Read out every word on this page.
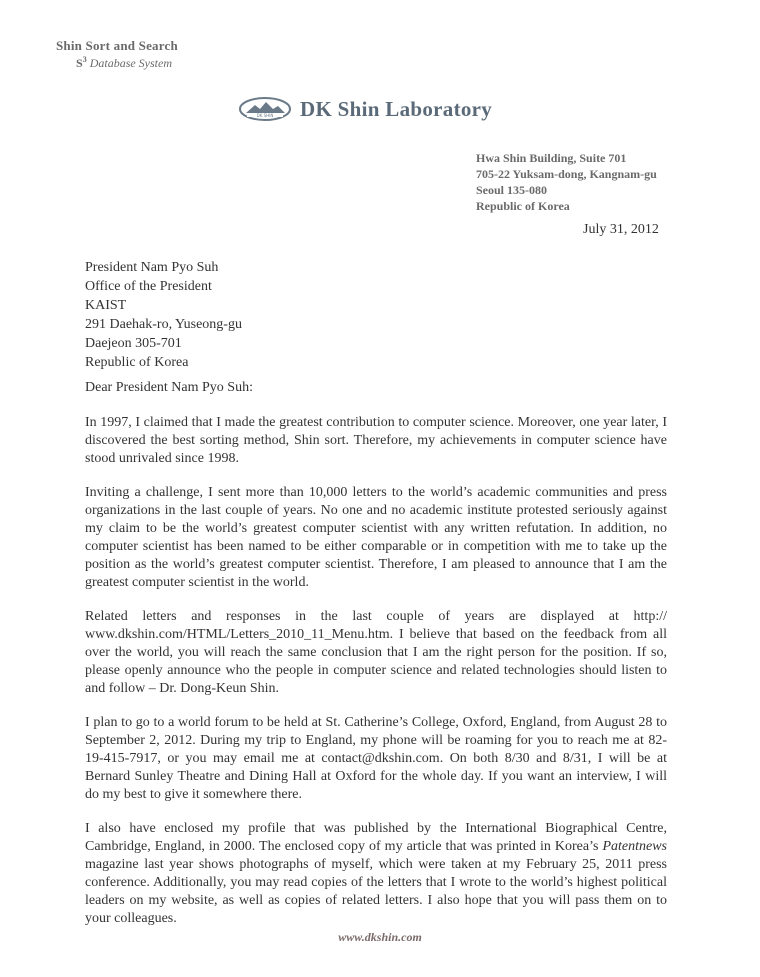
Shin Sort and Search
$S^3$ Database System
DK SHIN DK Shin Laboratory
Hwa Shin Building, Suite 701
705-22 Yuksam-dong, Kangnam-gu
Seoul 135-080
Republic of Korea
July 31, 2012
President Nam Pyo Suh
Office of the President
KAIST
291 Daehak-ro, Yuseong-gu
Daejeon 305-701
Republic of Korea
Dear President Nam Pyo Suh:

In 1997, I claimed that I made the greatest contribution to computer science. Moreover, one year later, I discovered the best sorting method, Shin sort. Therefore, my achievements in computer science have stood unrivaled since 1998.

Inviting a challenge, I sent more than 10,000 letters to the world’s academic communities and press organizations in the last couple of years. No one and no academic institute protested seriously against my claim to be the world’s greatest computer scientist with any written refutation. In addition, no computer scientist has been named to be either comparable or in competition with me to take up the position as the world’s greatest computer scientist. Therefore, I am pleased to announce that I am the greatest computer scientist in the world.

Related letters and responses in the last couple of years are displayed at http:// www.dkshin.com/HTML/Letters_2010_11_Menu.htm. I believe that based on the feedback from all over the world, you will reach the same conclusion that I am the right person for the position. If so, please openly announce who the people in computer science and related technologies should listen to and follow – Dr. Dong-Keun Shin.

I plan to go to a world forum to be held at St. Catherine’s College, Oxford, England, from August 28 to September 2, 2012. During my trip to England, my phone will be roaming for you to reach me at 82-19-415-7917, or you may email me at contact@dkshin.com. On both 8/30 and 8/31, I will be at Bernard Sunley Theatre and Dining Hall at Oxford for the whole day. If you want an interview, I will do my best to give it somewhere there.

I also have enclosed my profile that was published by the International Biographical Centre, Cambridge, England, in 2000. The enclosed copy of my article that was printed in Korea’s Patentnews magazine last year shows photographs of myself, which were taken at my February 25, 2011 press conference. Additionally, you may read copies of the letters that I wrote to the world’s highest political leaders on my website, as well as copies of related letters. I also hope that you will pass them on to your colleagues.

www.dkshin.com
